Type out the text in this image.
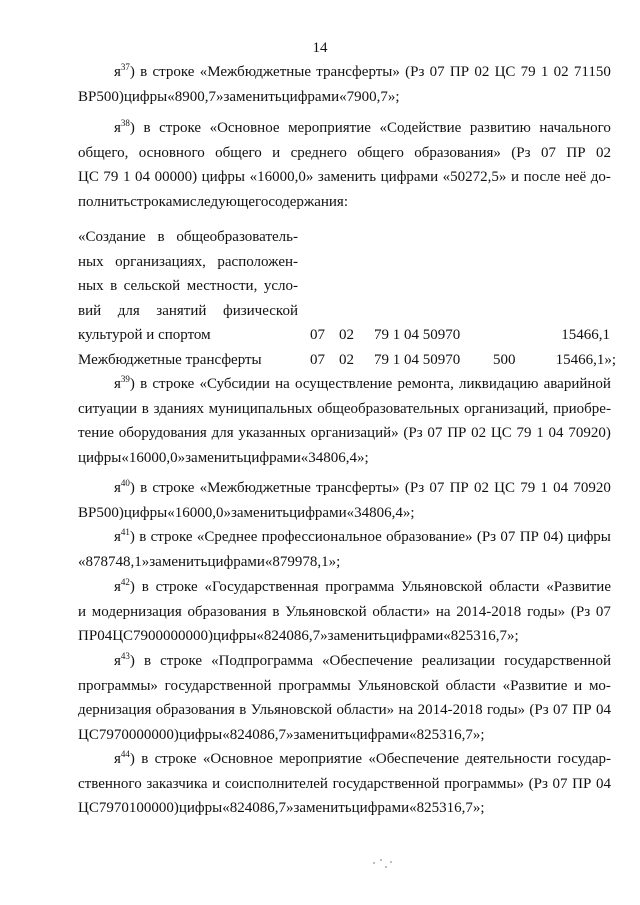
14
$я^{37}$) в строке «Межбюджетные трансферты» (Рз 07 ПР 02 ЦС 79 1 02 71150
ВР 500) цифры «8900,7» заменить цифрами «7900,7»;
$я^{38}$) в строке «Основное мероприятие «Содействие развитию начального
общего, основного общего и среднего общего образования» (Рз 07 ПР 02
ЦС 79 1 04 00000) цифры «16000,0» заменить цифрами «50272,5» и после неё до-
полнить строками следующего содержания:
$я^{39}$) в строке «Субсидии на осуществление ремонта, ликвидацию аварийной
ситуации в зданиях муниципальных общеобразовательных организаций, приобре-
тение оборудования для указанных организаций» (Рз 07 ПР 02 ЦС 79 1 04 70920)
цифры «16000,0» заменить цифрами «34806,4»;
$я^{40}$) в строке «Межбюджетные трансферты» (Рз 07 ПР 02 ЦС 79 1 04 70920
ВР 500) цифры «16000,0» заменить цифрами «34806,4»;
$я^{41}$) в строке «Среднее профессиональное образование» (Рз 07 ПР 04) цифры
«878748,1» заменить цифрами «879978,1»;
$я^{42}$) в строке «Государственная программа Ульяновской области «Развитие
и модернизация образования в Ульяновской области» на 2014-2018 годы» (Рз 07
ПР 04 ЦС 79 0 00 00000) цифры «824086,7» заменить цифрами «825316,7»;
$я^{43}$) в строке «Подпрограмма «Обеспечение реализации государственной
программы» государственной программы Ульяновской области «Развитие и мо-
дернизация образования в Ульяновской области» на 2014-2018 годы» (Рз 07 ПР 04
ЦС 79 7 00 00000) цифры «824086,7» заменить цифрами «825316,7»;
$я^{44}$) в строке «Основное мероприятие «Обеспечение деятельности государ-
ственного заказчика и соисполнителей государственной программы» (Рз 07 ПР 04
ЦС 79 7 01 00000) цифры «824086,7» заменить цифрами «825316,7»;
«Создание в общеобразователь-
ных организациях, расположен-
ных в сельской местности, усло-
вий для занятий физической
культурой и спортом	07 02 79 1 04 50970	15466,1
Межбюджетные трансферты	07 02 79 1 04 50970 500	15466,1»;
